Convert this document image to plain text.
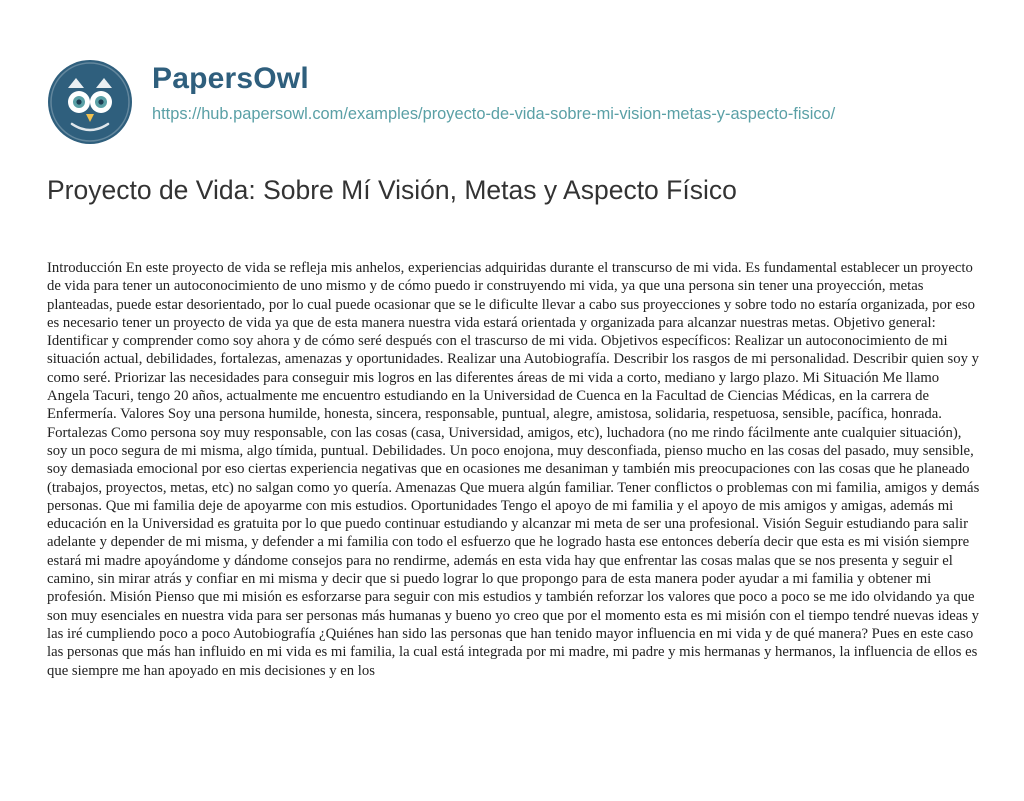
PapersOwl
https://hub.papersowl.com/examples/proyecto-de-vida-sobre-mi-vision-metas-y-aspecto-fisico/
Proyecto de Vida: Sobre Mí Visión, Metas y Aspecto Físico

Introducción En este proyecto de vida se refleja mis anhelos, experiencias adquiridas durante el transcurso de mi vida. Es fundamental establecer un proyecto de vida para tener un autoconocimiento de uno mismo y de cómo puedo ir construyendo mi vida, ya que una persona sin tener una proyección, metas planteadas, puede estar desorientado, por lo cual puede ocasionar que se le dificulte llevar a cabo sus proyecciones y sobre todo no estaría organizada, por eso es necesario tener un proyecto de vida ya que de esta manera nuestra vida estará orientada y organizada para alcanzar nuestras metas. Objetivo general: Identificar y comprender como soy ahora y de cómo seré después con el trascurso de mi vida. Objetivos específicos: Realizar un autoconocimiento de mi situación actual, debilidades, fortalezas, amenazas y oportunidades. Realizar una Autobiografía. Describir los rasgos de mi personalidad. Describir quien soy y como seré. Priorizar las necesidades para conseguir mis logros en las diferentes áreas de mi vida a corto, mediano y largo plazo. Mi Situación Me llamo Angela Tacuri, tengo 20 años, actualmente me encuentro estudiando en la Universidad de Cuenca en la Facultad de Ciencias Médicas, en la carrera de Enfermería. Valores Soy una persona humilde, honesta, sincera, responsable, puntual, alegre, amistosa, solidaria, respetuosa, sensible, pacífica, honrada. Fortalezas Como persona soy muy responsable, con las cosas (casa, Universidad, amigos, etc), luchadora (no me rindo fácilmente ante cualquier situación), soy un poco segura de mi misma, algo tímida, puntual. Debilidades. Un poco enojona, muy desconfiada, pienso mucho en las cosas del pasado, muy sensible, soy demasiada emocional por eso ciertas experiencia negativas que en ocasiones me desaniman y también mis preocupaciones con las cosas que he planeado (trabajos, proyectos, metas, etc) no salgan como yo quería. Amenazas Que muera algún familiar. Tener conflictos o problemas con mi familia, amigos y demás personas. Que mi familia deje de apoyarme con mis estudios. Oportunidades Tengo el apoyo de mi familia y el apoyo de mis amigos y amigas, además mi educación en la Universidad es gratuita por lo que puedo continuar estudiando y alcanzar mi meta de ser una profesional. Visión Seguir estudiando para salir adelante y depender de mi misma, y defender a mi familia con todo el esfuerzo que he logrado hasta ese entonces debería decir que esta es mi visión siempre estará mi madre apoyándome y dándome consejos para no rendirme, además en esta vida hay que enfrentar las cosas malas que se nos presenta y seguir el camino, sin mirar atrás y confiar en mi misma y decir que si puedo lograr lo que propongo para de esta manera poder ayudar a mi familia y obtener mi profesión. Misión Pienso que mi misión es esforzarse para seguir con mis estudios y también reforzar los valores que poco a poco se me ido olvidando ya que son muy esenciales en nuestra vida para ser personas más humanas y bueno yo creo que por el momento esta es mi misión con el tiempo tendré nuevas ideas y las iré cumpliendo poco a poco Autobiografía ¿Quiénes han sido las personas que han tenido mayor influencia en mi vida y de qué manera? Pues en este caso las personas que más han influido en mi vida es mi familia, la cual está integrada por mi madre, mi padre y mis hermanas y hermanos, la influencia de ellos es que siempre me han apoyado en mis decisiones y en los
